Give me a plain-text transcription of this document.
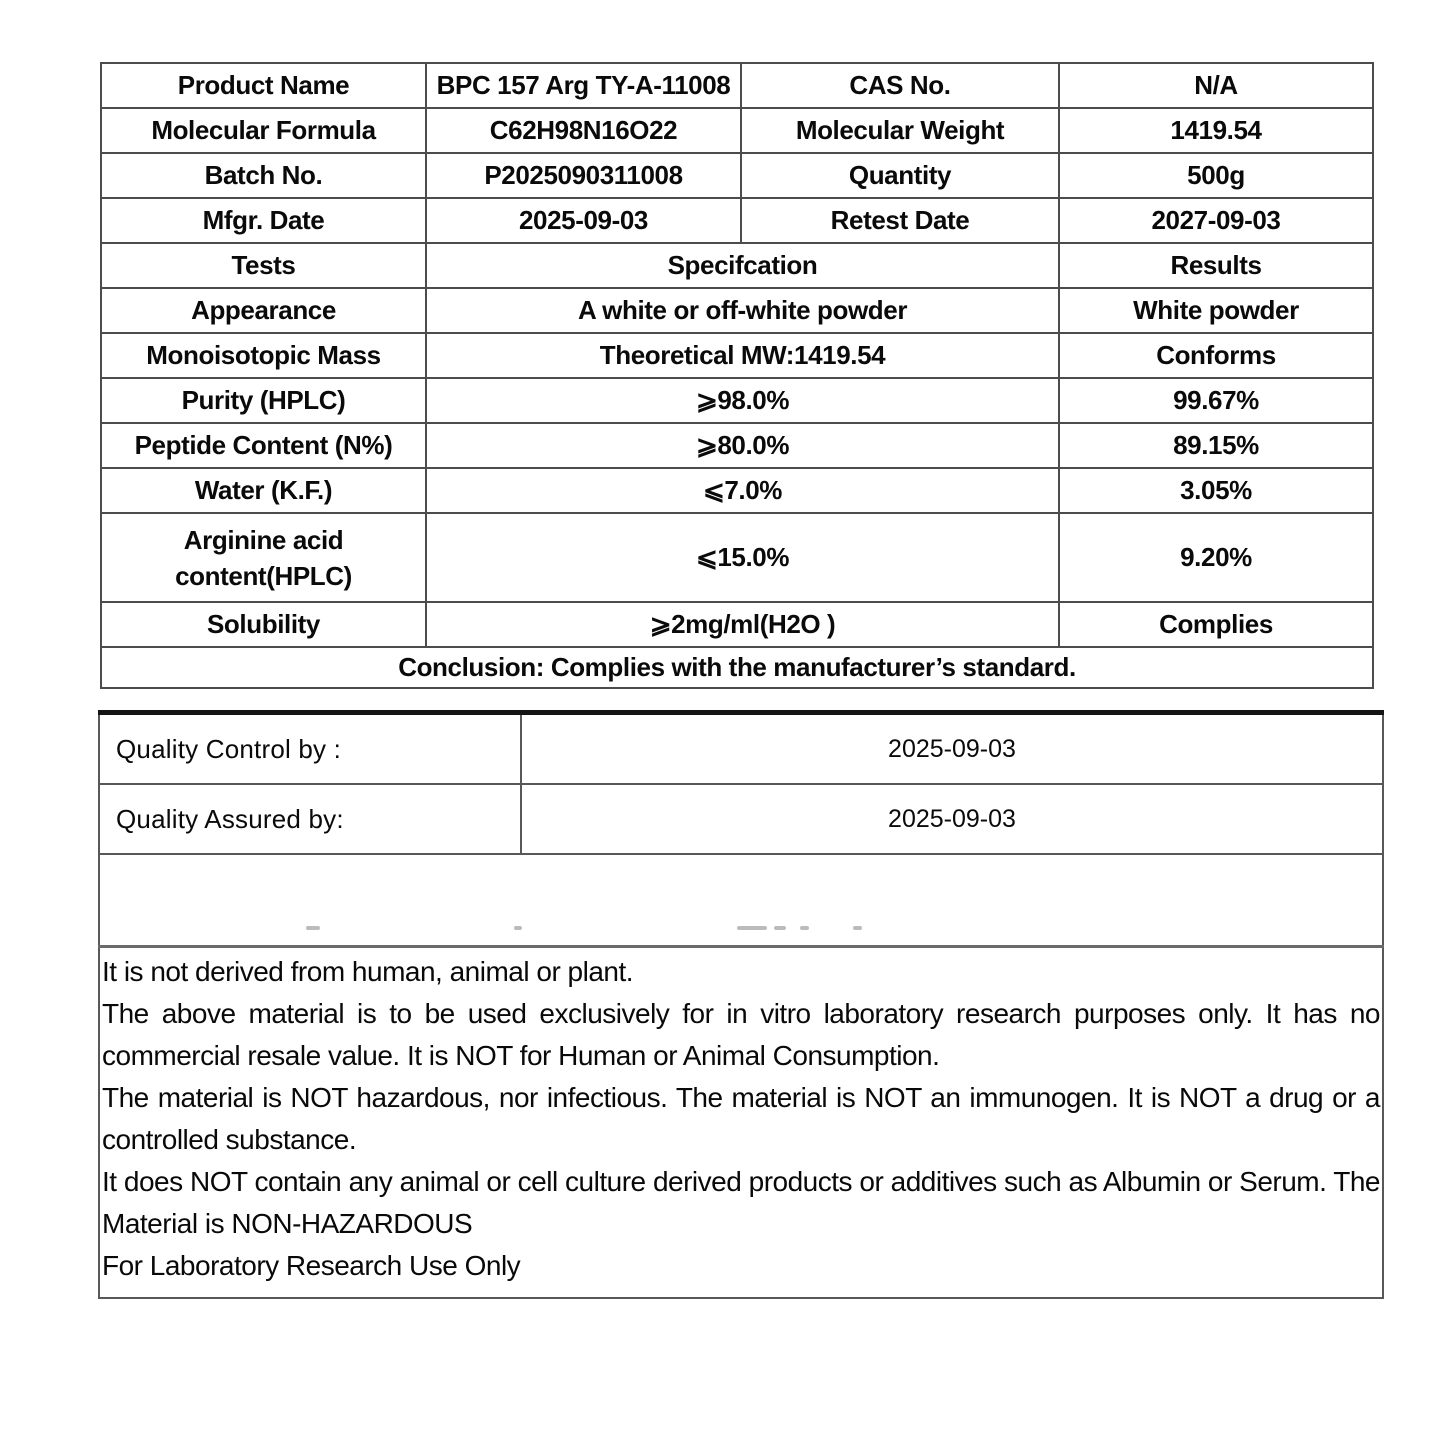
Product Name	BPC 157 Arg TY-A-11008	CAS No.	N/A
Molecular Formula	C62H98N16O22	Molecular Weight	1419.54
Batch No.	P2025090311008	Quantity	500g
Mfgr. Date	2025-09-03	Retest Date	2027-09-03
Tests	Specifcation		Results
Appearance	A white or off-white powder		White powder
Monoisotopic Mass	Theoretical MW:1419.54		Conforms
Purity (HPLC)	⩾98.0%		99.67%
Peptide Content (N%)	⩾80.0%		89.15%
Water (K.F.)	⩽7.0%		3.05%

Arginine acid
content(HPLC)	⩽15.0%		9.20%
Solubility	⩾2mg/ml(H2O )		Complies
Conclusion: Complies with the manufacturer’s standard.			
Quality Control by :	2025-09-03
Quality Assured by:	2025-09-03

It is not derived from human, animal or plant.

The above material is to be used exclusively for in vitro laboratory research purposes only. It has no commercial resale value. It is NOT for Human or Animal Consumption.

The material is NOT hazardous, nor infectious. The material is NOT an immunogen. It is NOT a drug or a controlled substance.

It does NOT contain any animal or cell culture derived products or additives such as Albumin or Serum. The Material is NON-HAZARDOUS

For Laboratory Research Use Only	
